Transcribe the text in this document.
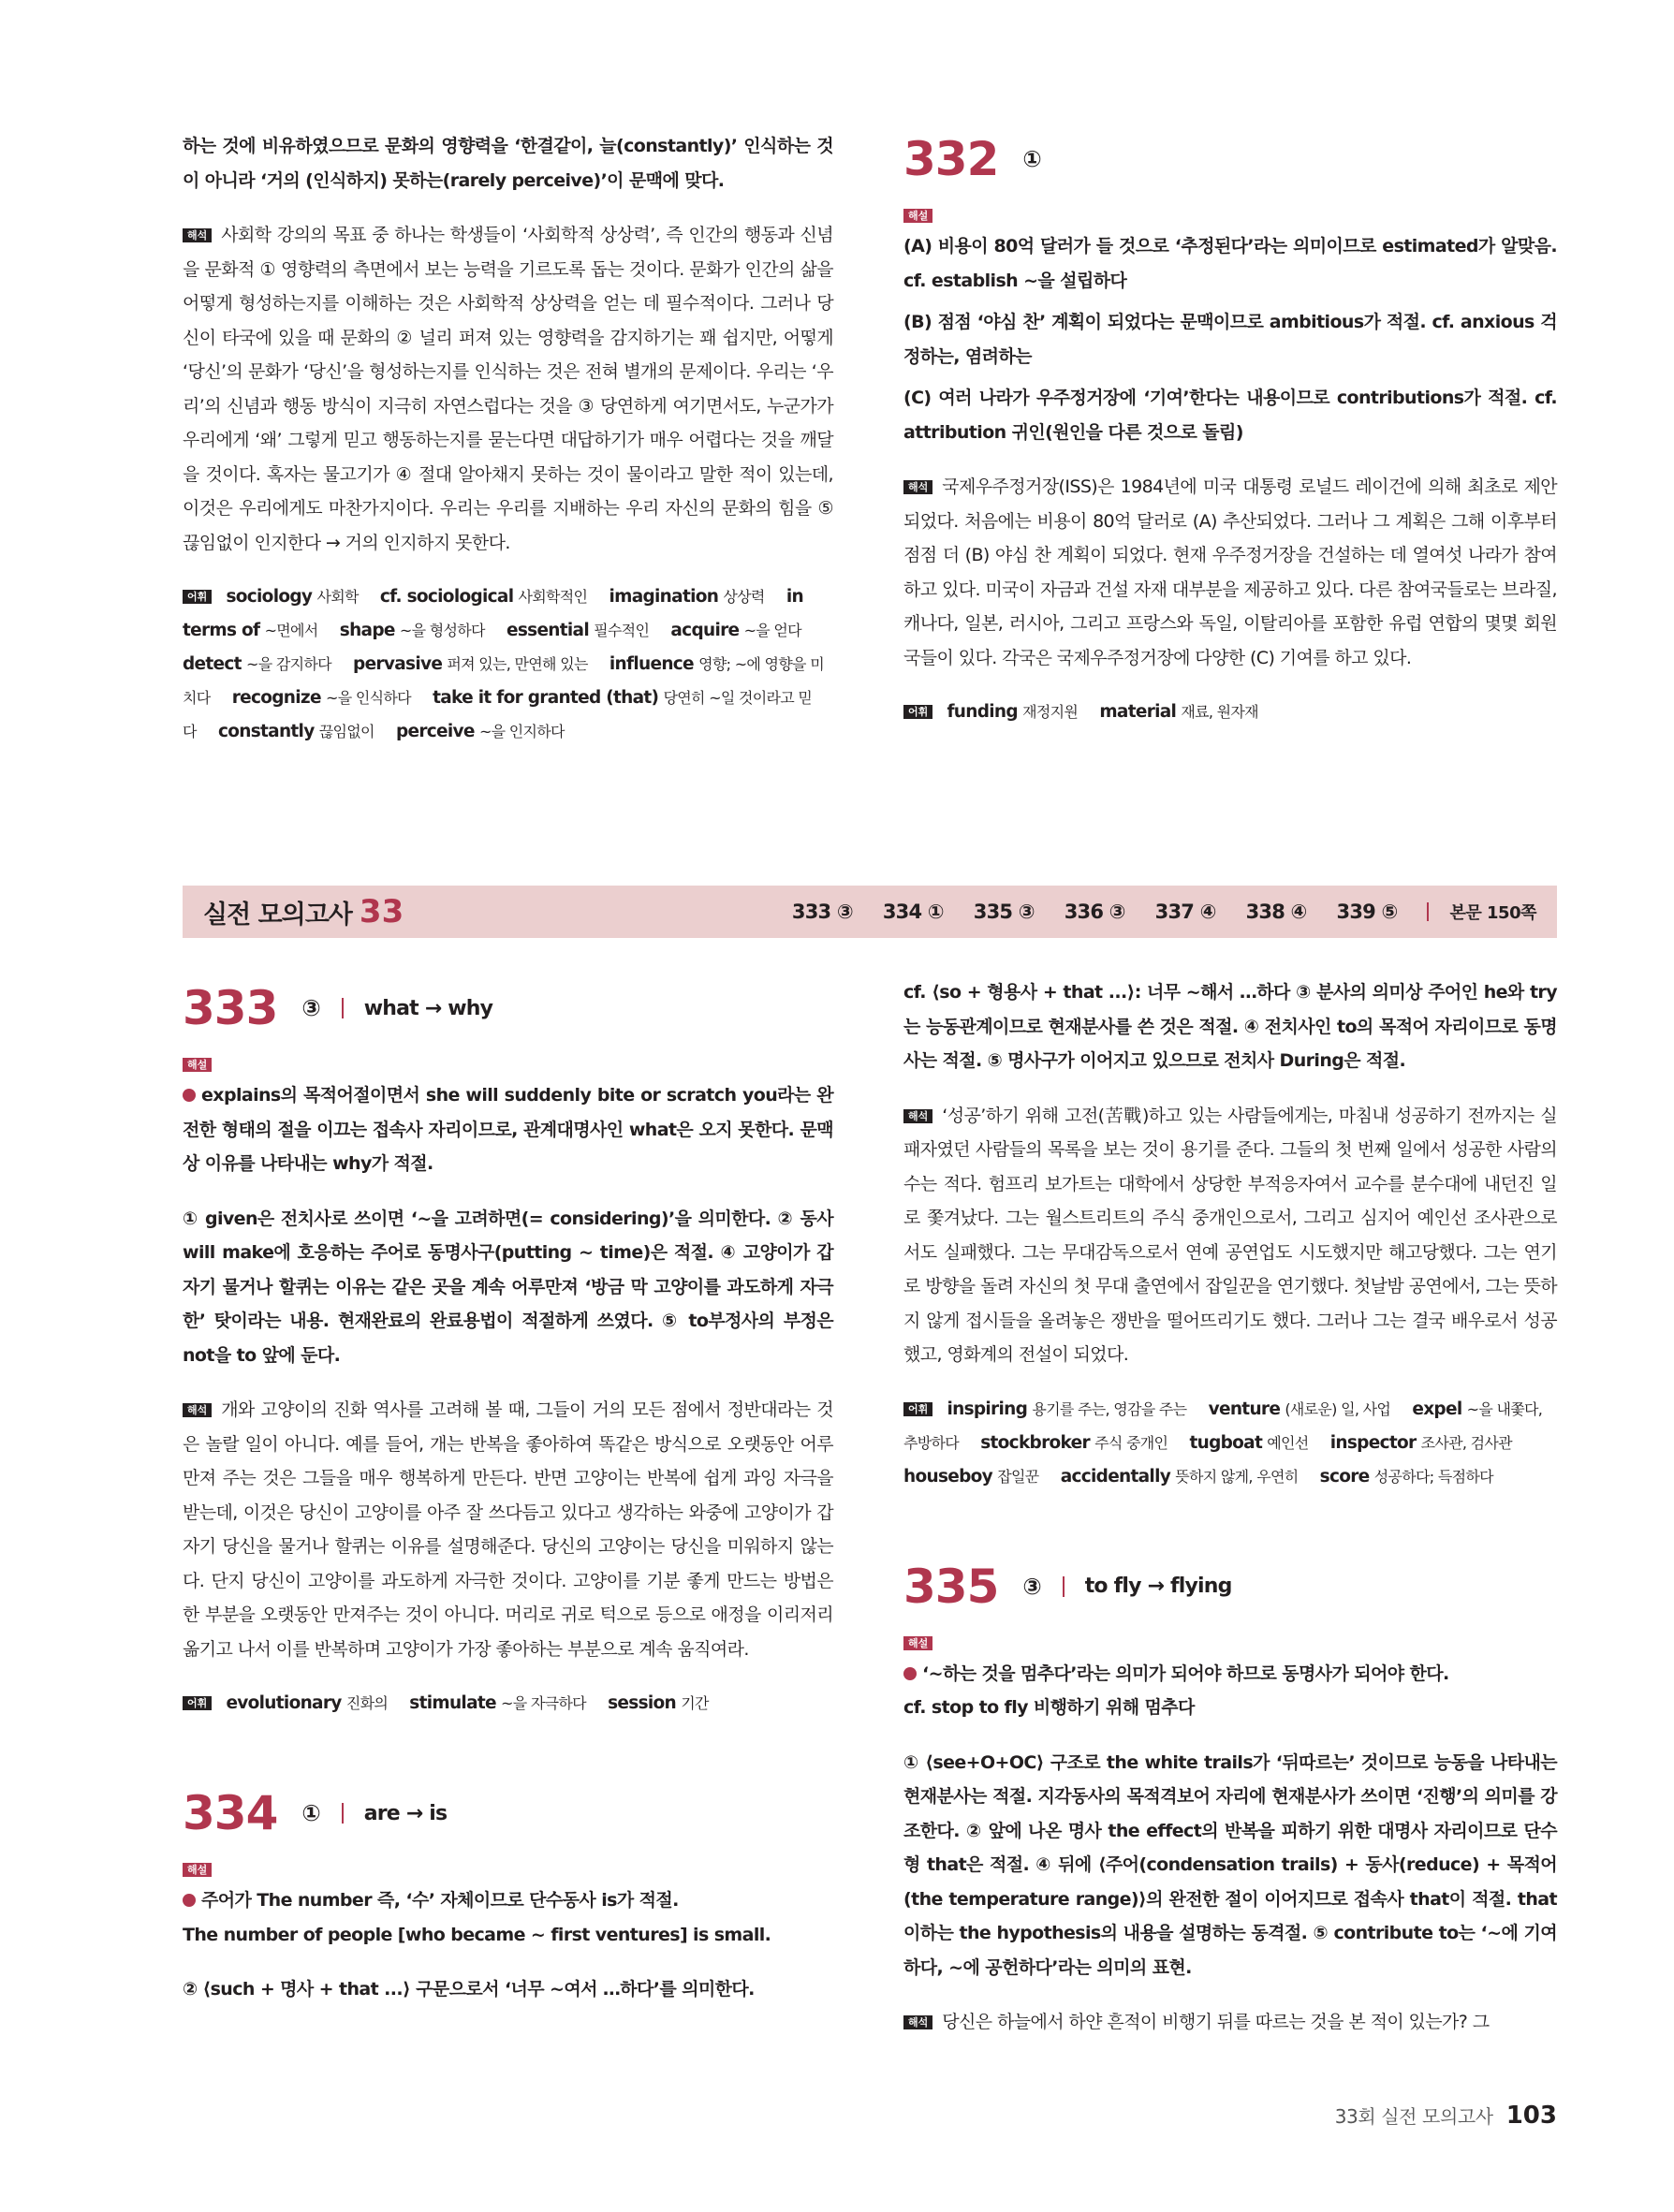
하는 것에 비유하였으므로 문화의 영향력을 ‘한결같이, 늘(constantly)’ 인식하는 것이 아니라 ‘거의 (인식하지) 못하는(rarely perceive)’이 문맥에 맞다.

해석 사회학 강의의 목표 중 하나는 학생들이 ‘사회학적 상상력’, 즉 인간의 행동과 신념을 문화적 ① 영향력의 측면에서 보는 능력을 기르도록 돕는 것이다. 문화가 인간의 삶을 어떻게 형성하는지를 이해하는 것은 사회학적 상상력을 얻는 데 필수적이다. 그러나 당신이 타국에 있을 때 문화의 ② 널리 퍼져 있는 영향력을 감지하기는 꽤 쉽지만, 어떻게 ‘당신’의 문화가 ‘당신’을 형성하는지를 인식하는 것은 전혀 별개의 문제이다. 우리는 ‘우리’의 신념과 행동 방식이 지극히 자연스럽다는 것을 ③ 당연하게 여기면서도, 누군가가 우리에게 ‘왜’ 그렇게 믿고 행동하는지를 묻는다면 대답하기가 매우 어렵다는 것을 깨달을 것이다. 혹자는 물고기가 ④ 절대 알아채지 못하는 것이 물이라고 말한 적이 있는데, 이것은 우리에게도 마찬가지이다. 우리는 우리를 지배하는 우리 자신의 문화의 힘을 ⑤ 끊임없이 인지한다 → 거의 인지하지 못한다.

어휘 sociology 사회학 cf. sociological 사회학적인 imagination 상상력 in terms of ~면에서 shape ~을 형성하다 essential 필수적인 acquire ~을 얻다 detect ~을 감지하다 pervasive 퍼져 있는, 만연해 있는 influence 영향; ~에 영향을 미치다 recognize ~을 인식하다 take it for granted (that) 당연히 ~일 것이라고 믿다 constantly 끊임없이 perceive ~을 인지하다
332 ①
해설

(A) 비용이 80억 달러가 들 것으로 ‘추정된다’라는 의미이므로 estimated가 알맞음. cf. establish ~을 설립하다

(B) 점점 ‘야심 찬’ 계획이 되었다는 문맥이므로 ambitious가 적절. cf. anxious 걱정하는, 염려하는

(C) 여러 나라가 우주정거장에 ‘기여’한다는 내용이므로 contributions가 적절. cf. attribution 귀인(원인을 다른 것으로 돌림)

해석 국제우주정거장(ISS)은 1984년에 미국 대통령 로널드 레이건에 의해 최초로 제안되었다. 처음에는 비용이 80억 달러로 (A) 추산되었다. 그러나 그 계획은 그해 이후부터 점점 더 (B) 야심 찬 계획이 되었다. 현재 우주정거장을 건설하는 데 열여섯 나라가 참여하고 있다. 미국이 자금과 건설 자재 대부분을 제공하고 있다. 다른 참여국들로는 브라질, 캐나다, 일본, 러시아, 그리고 프랑스와 독일, 이탈리아를 포함한 유럽 연합의 몇몇 회원국들이 있다. 각국은 국제우주정거장에 다양한 (C) 기여를 하고 있다.

어휘 funding 재정지원 material 재료, 원자재
실전 모의고사 33	333 ③ 334 ① 335 ③ 336 ③ 337 ④ 338 ④ 339 ⑤	본문 150쪽
333 ③ what → why
해설

explains의 목적어절이면서 she will suddenly bite or scratch you라는 완전한 형태의 절을 이끄는 접속사 자리이므로, 관계대명사인 what은 오지 못한다. 문맥상 이유를 나타내는 why가 적절.

① given은 전치사로 쓰이면 ‘~을 고려하면(= considering)’을 의미한다. ② 동사 will make에 호응하는 주어로 동명사구(putting ~ time)은 적절. ④ 고양이가 갑자기 물거나 할퀴는 이유는 같은 곳을 계속 어루만져 ‘방금 막 고양이를 과도하게 자극한’ 탓이라는 내용. 현재완료의 완료용법이 적절하게 쓰였다. ⑤ to부정사의 부정은 not을 to 앞에 둔다.

해석 개와 고양이의 진화 역사를 고려해 볼 때, 그들이 거의 모든 점에서 정반대라는 것은 놀랄 일이 아니다. 예를 들어, 개는 반복을 좋아하여 똑같은 방식으로 오랫동안 어루만져 주는 것은 그들을 매우 행복하게 만든다. 반면 고양이는 반복에 쉽게 과잉 자극을 받는데, 이것은 당신이 고양이를 아주 잘 쓰다듬고 있다고 생각하는 와중에 고양이가 갑자기 당신을 물거나 할퀴는 이유를 설명해준다. 당신의 고양이는 당신을 미워하지 않는다. 단지 당신이 고양이를 과도하게 자극한 것이다. 고양이를 기분 좋게 만드는 방법은 한 부분을 오랫동안 만져주는 것이 아니다. 머리로 귀로 턱으로 등으로 애정을 이리저리 옮기고 나서 이를 반복하며 고양이가 가장 좋아하는 부분으로 계속 움직여라.

어휘 evolutionary 진화의 stimulate ~을 자극하다 session 기간
334 ① are → is
해설

주어가 The number 즉, ‘수’ 자체이므로 단수동사 is가 적절.

The number of people [who became ~ first ventures] is small.

② ⟨such + 명사 + that ...⟩ 구문으로서 ‘너무 ~여서 …하다’를 의미한다.

cf. ⟨so + 형용사 + that ...⟩: 너무 ~해서 …하다 ③ 분사의 의미상 주어인 he와 try는 능동관계이므로 현재분사를 쓴 것은 적절. ④ 전치사인 to의 목적어 자리이므로 동명사는 적절. ⑤ 명사구가 이어지고 있으므로 전치사 During은 적절.

해석 ‘성공’하기 위해 고전(苦戰)하고 있는 사람들에게는, 마침내 성공하기 전까지는 실패자였던 사람들의 목록을 보는 것이 용기를 준다. 그들의 첫 번째 일에서 성공한 사람의 수는 적다. 험프리 보가트는 대학에서 상당한 부적응자여서 교수를 분수대에 내던진 일로 쫓겨났다. 그는 월스트리트의 주식 중개인으로서, 그리고 심지어 예인선 조사관으로서도 실패했다. 그는 무대감독으로서 연예 공연업도 시도했지만 해고당했다. 그는 연기로 방향을 돌려 자신의 첫 무대 출연에서 잡일꾼을 연기했다. 첫날밤 공연에서, 그는 뜻하지 않게 접시들을 올려놓은 쟁반을 떨어뜨리기도 했다. 그러나 그는 결국 배우로서 성공했고, 영화계의 전설이 되었다.

어휘 inspiring 용기를 주는, 영감을 주는 venture (새로운) 일, 사업 expel ~을 내쫓다, 추방하다 stockbroker 주식 중개인 tugboat 예인선 inspector 조사관, 검사관 houseboy 잡일꾼 accidentally 뜻하지 않게, 우연히 score 성공하다; 득점하다
335 ③ to fly → flying
해설

‘~하는 것을 멈추다’라는 의미가 되어야 하므로 동명사가 되어야 한다.

cf. stop to fly 비행하기 위해 멈추다

① ⟨see+O+OC⟩ 구조로 the white trails가 ‘뒤따르는’ 것이므로 능동을 나타내는 현재분사는 적절. 지각동사의 목적격보어 자리에 현재분사가 쓰이면 ‘진행’의 의미를 강조한다. ② 앞에 나온 명사 the effect의 반복을 피하기 위한 대명사 자리이므로 단수형 that은 적절. ④ 뒤에 ⟨주어(condensation trails) + 동사(reduce) + 목적어(the temperature range)⟩의 완전한 절이 이어지므로 접속사 that이 적절. that 이하는 the hypothesis의 내용을 설명하는 동격절. ⑤ contribute to는 ‘~에 기여하다, ~에 공헌하다’라는 의미의 표현.

해석 당신은 하늘에서 하얀 흔적이 비행기 뒤를 따르는 것을 본 적이 있는가? 그

33회 실전 모의고사 103
